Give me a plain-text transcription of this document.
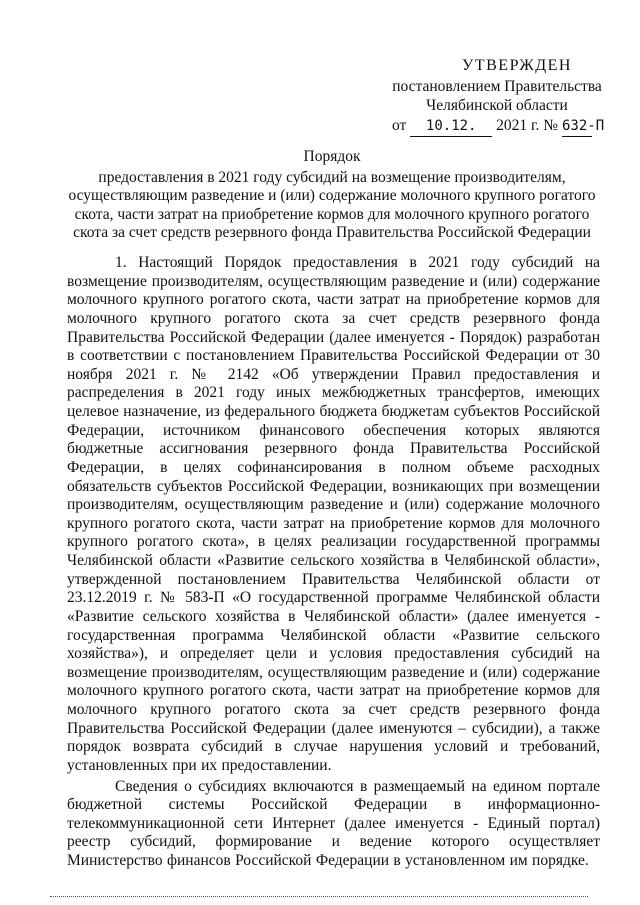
УТВЕРЖДЕН
постановлением Правительства
Челябинской области
от 10.12. 2021 г. № 632-П
Порядок
предоставления в 2021 году субсидий на возмещение производителям,
осуществляющим разведение и (или) содержание молочного крупного рогатого
скота, части затрат на приобретение кормов для молочного крупного рогатого
скота за счет средств резервного фонда Правительства Российской Федерации

1. Настоящий Порядок предоставления в 2021 году субсидий на возмещение производителям, осуществляющим разведение и (или) содержание молочного крупного рогатого скота, части затрат на приобретение кормов для молочного крупного рогатого скота за счет средств резервного фонда Правительства Российской Федерации (далее именуется - Порядок) разработан в соответствии с постановлением Правительства Российской Федерации от 30 ноября 2021 г. № 2142 «Об утверждении Правил предоставления и распределения в 2021 году иных межбюджетных трансфертов, имеющих целевое назначение, из федерального бюджета бюджетам субъектов Российской Федерации, источником финансового обеспечения которых являются бюджетные ассигнования резервного фонда Правительства Российской Федерации, в целях софинансирования в полном объеме расходных обязательств субъектов Российской Федерации, возникающих при возмещении производителям, осуществляющим разведение и (или) содержание молочного крупного рогатого скота, части затрат на приобретение кормов для молочного крупного рогатого скота», в целях реализации государственной программы Челябинской области «Развитие сельского хозяйства в Челябинской области», утвержденной постановлением Правительства Челябинской области от 23.12.2019 г. № 583-П «О государственной программе Челябинской области «Развитие сельского хозяйства в Челябинской области» (далее именуется - государственная программа Челябинской области «Развитие сельского хозяйства»), и определяет цели и условия предоставления субсидий на возмещение производителям, осуществляющим разведение и (или) содержание молочного крупного рогатого скота, части затрат на приобретение кормов для молочного крупного рогатого скота за счет средств резервного фонда Правительства Российской Федерации (далее именуются – субсидии), а также порядок возврата субсидий в случае нарушения условий и требований, установленных при их предоставлении.

Сведения о субсидиях включаются в размещаемый на едином портале бюджетной системы Российской Федерации в информационно-телекоммуникационной сети Интернет (далее именуется - Единый портал) реестр субсидий, формирование и ведение которого осуществляет Министерство финансов Российской Федерации в установленном им порядке.
